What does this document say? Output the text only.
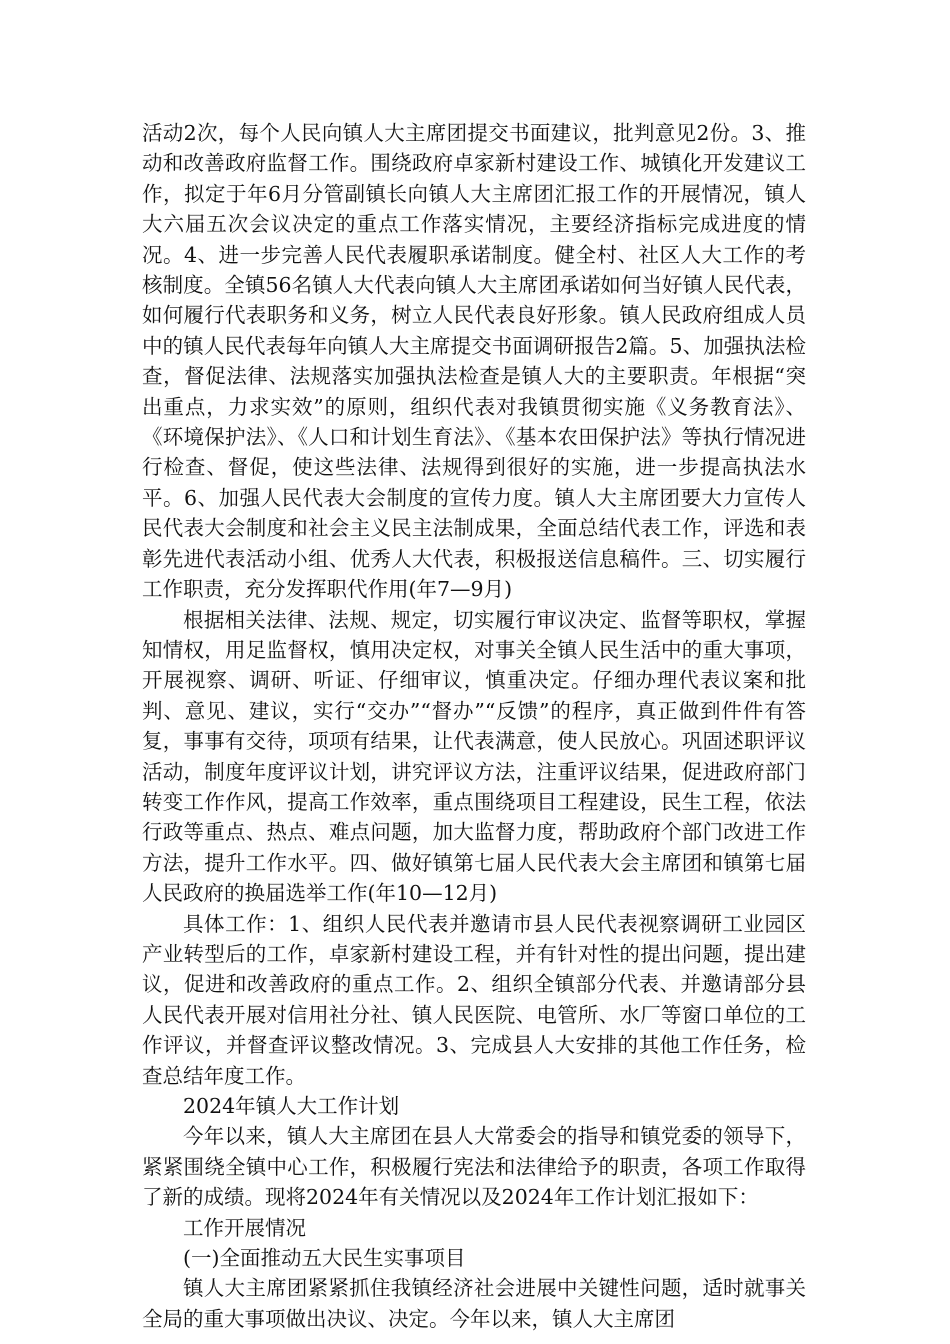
活动2次，每个人民向镇人大主席团提交书面建议，批判意见2份。3、推动和改善政府监督工作。围绕政府卓家新村建设工作、城镇化开发建议工作，拟定于年6月分管副镇长向镇人大主席团汇报工作的开展情况，镇人大六届五次会议决定的重点工作落实情况，主要经济指标完成进度的情况。4、进一步完善人民代表履职承诺制度。健全村、社区人大工作的考核制度。全镇56名镇人大代表向镇人大主席团承诺如何当好镇人民代表，如何履行代表职务和义务，树立人民代表良好形象。镇人民政府组成人员中的镇人民代表每年向镇人大主席提交书面调研报告2篇。5、加强执法检查，督促法律、法规落实加强执法检查是镇人大的主要职责。年根据“突出重点，力求实效”的原则，组织代表对我镇贯彻实施《义务教育法》、《环境保护法》、《人口和计划生育法》、《基本农田保护法》等执行情况进行检查、督促，使这些法律、法规得到很好的实施，进一步提高执法水平。6、加强人民代表大会制度的宣传力度。镇人大主席团要大力宣传人民代表大会制度和社会主义民主法制成果，全面总结代表工作，评选和表彰先进代表活动小组、优秀人大代表，积极报送信息稿件。三、切实履行工作职责，充分发挥职代作用(年7—9月)

根据相关法律、法规、规定，切实履行审议决定、监督等职权，掌握知情权，用足监督权，慎用决定权，对事关全镇人民生活中的重大事项，开展视察、调研、听证、仔细审议，慎重决定。仔细办理代表议案和批判、意见、建议，实行“交办”“督办”“反馈”的程序，真正做到件件有答复，事事有交待，项项有结果，让代表满意，使人民放心。巩固述职评议活动，制度年度评议计划，讲究评议方法，注重评议结果，促进政府部门转变工作作风，提高工作效率，重点围绕项目工程建设，民生工程，依法行政等重点、热点、难点问题，加大监督力度，帮助政府个部门改进工作方法，提升工作水平。四、做好镇第七届人民代表大会主席团和镇第七届人民政府的换届选举工作(年10—12月)

具体工作：1、组织人民代表并邀请市县人民代表视察调研工业园区产业转型后的工作，卓家新村建设工程，并有针对性的提出问题，提出建议，促进和改善政府的重点工作。2、组织全镇部分代表、并邀请部分县人民代表开展对信用社分社、镇人民医院、电管所、水厂等窗口单位的工作评议，并督查评议整改情况。3、完成县人大安排的其他工作任务，检查总结年度工作。

2024年镇人大工作计划

今年以来，镇人大主席团在县人大常委会的指导和镇党委的领导下，紧紧围绕全镇中心工作，积极履行宪法和法律给予的职责，各项工作取得了新的成绩。现将2024年有关情况以及2024年工作计划汇报如下：

工作开展情况

(一)全面推动五大民生实事项目

镇人大主席团紧紧抓住我镇经济社会进展中关键性问题，适时就事关全局的重大事项做出决议、决定。今年以来，镇人大主席团
